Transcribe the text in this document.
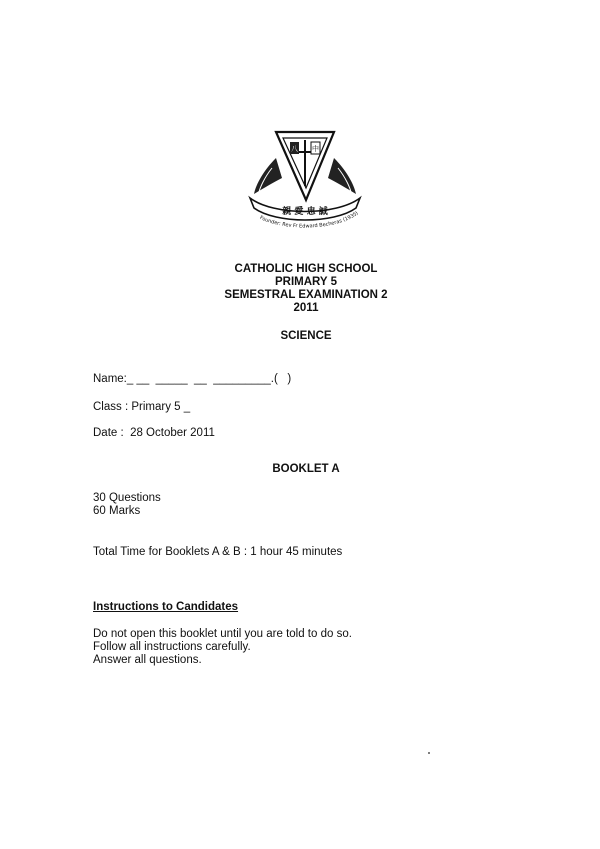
八 中
親 愛 忠 誠
Founder: Rev Fr Edward Becheras (1935)
CATHOLIC HIGH SCHOOL
PRIMARY 5
SEMESTRAL EXAMINATION 2
2011
SCIENCE
Name:_ __  _____  __  _________.(   )
Class : Primary 5 _
Date :  28 October 2011
BOOKLET A
30 Questions
60 Marks
Total Time for Booklets A & B : 1 hour 45 minutes
Instructions to Candidates
Do not open this booklet until you are told to do so.
Follow all instructions carefully.
Answer all questions.
